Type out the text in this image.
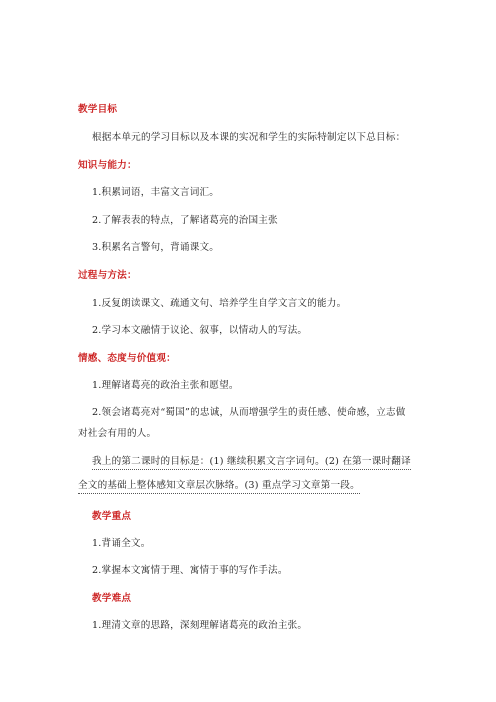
教学目标
根据本单元的学习目标以及本课的实况和学生的实际特制定以下总目标：
知识与能力：
1.积累词语，丰富文言词汇。
2.了解表表的特点，了解诸葛亮的治国主张
3.积累名言警句，背诵课文。
过程与方法：
1.反复朗读课文、疏通文句、培养学生自学文言文的能力。
2.学习本文融情于议论、叙事，以情动人的写法。
情感、态度与价值观：
1.理解诸葛亮的政治主张和愿望。
2.领会诸葛亮对“蜀国”的忠诚，从而增强学生的责任感、使命感，立志做
对社会有用的人。
我上的第二课时的目标是：(1) 继续积累文言字词句。(2) 在第一课时翻译
全文的基础上整体感知文章层次脉络。(3) 重点学习文章第一段。
教学重点
1.背诵全文。
2.掌握本文寓情于理、寓情于事的写作手法。
教学难点
1.理清文章的思路，深刻理解诸葛亮的政治主张。
